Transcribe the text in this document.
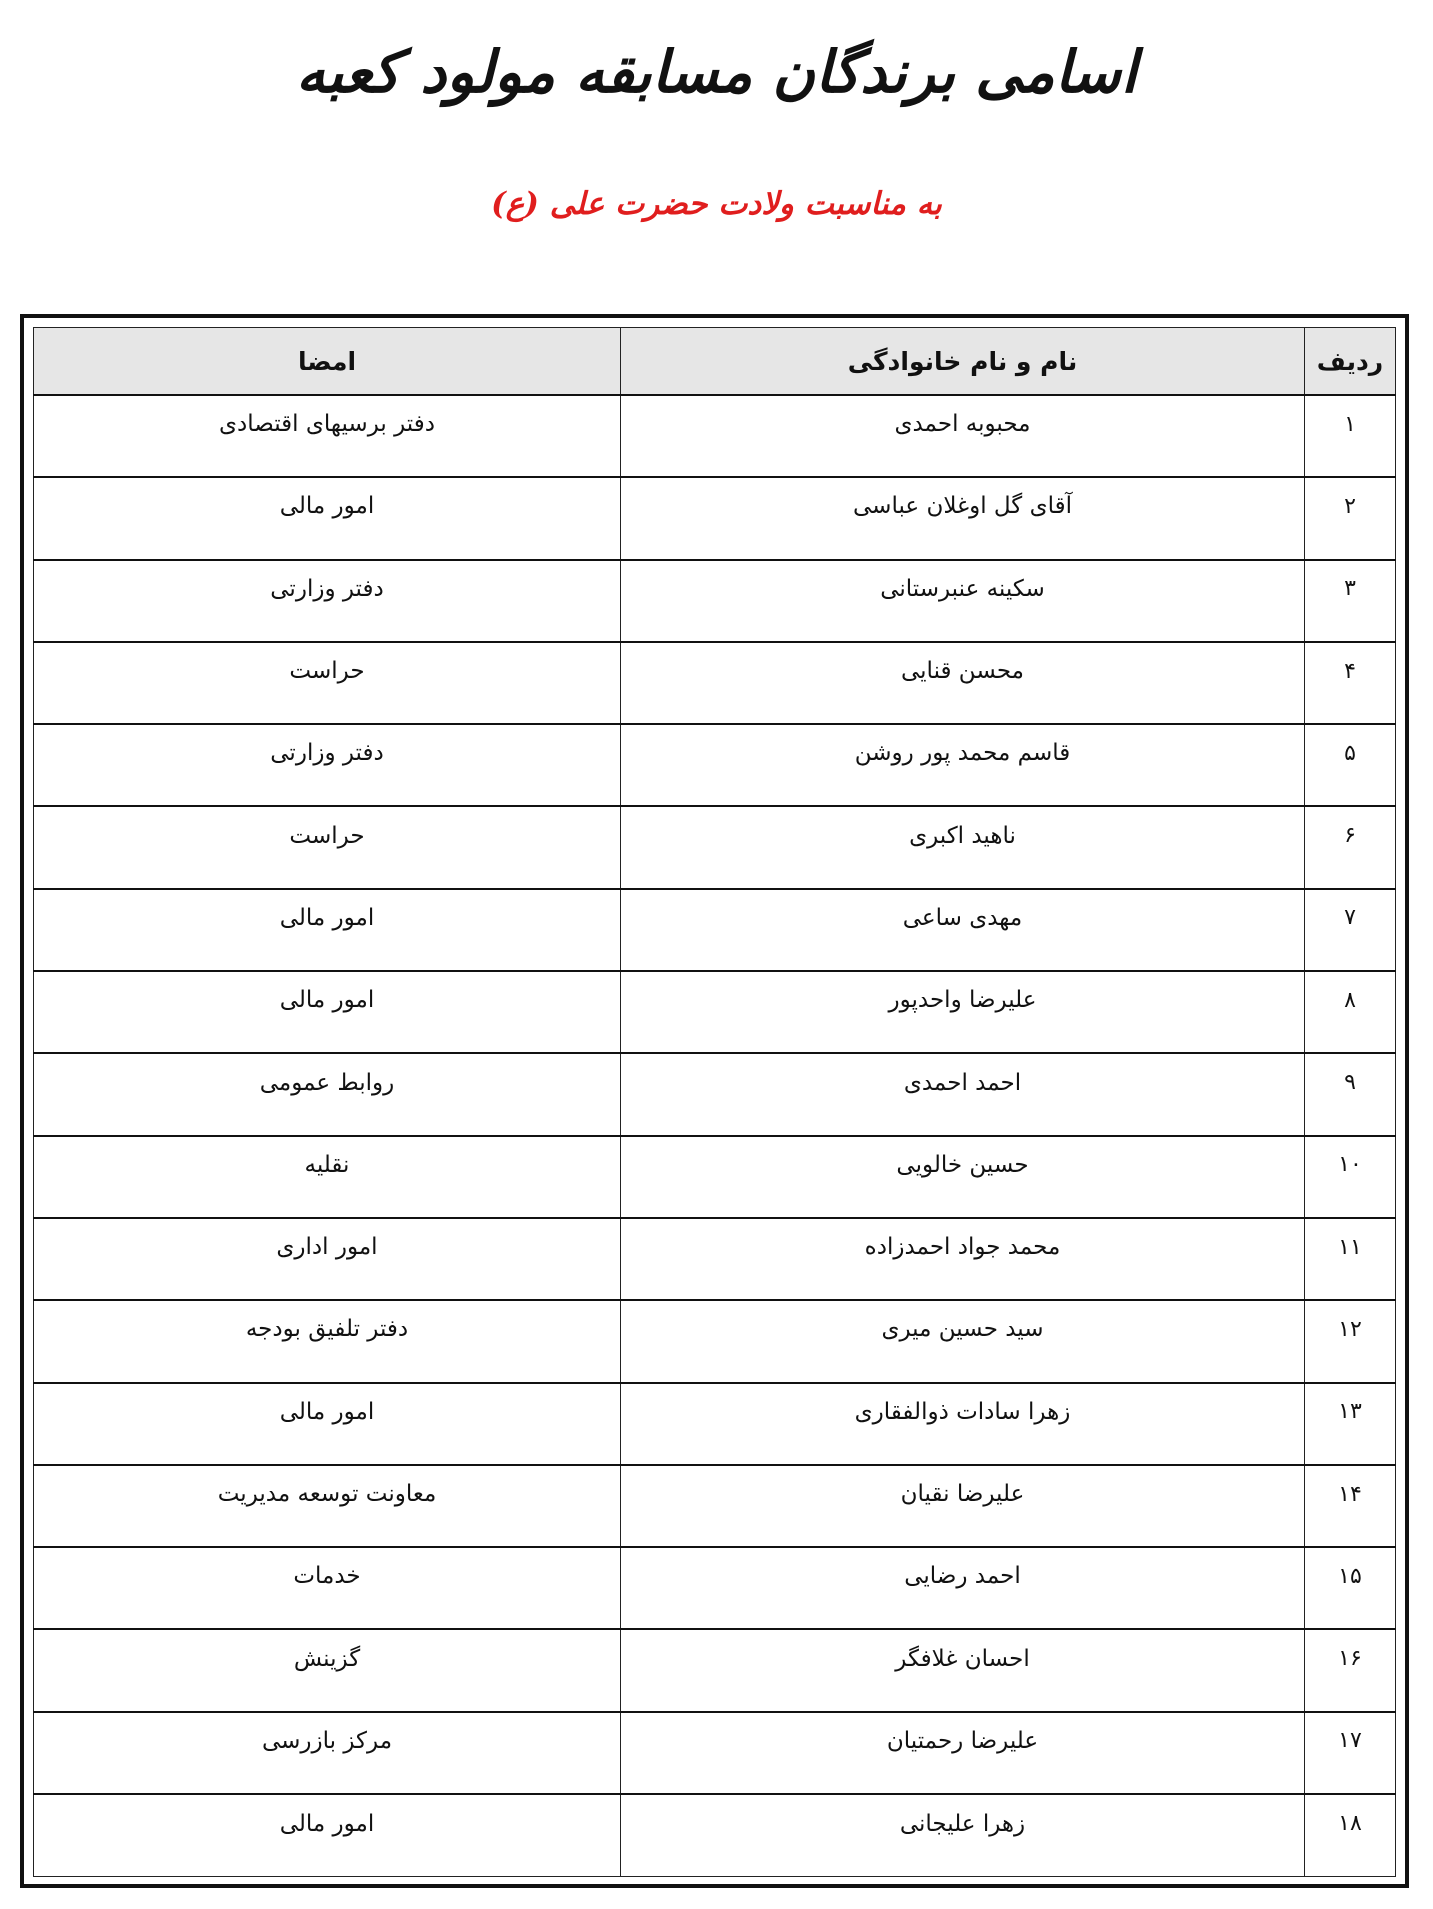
اسامی برندگان مسابقه مولود کعبه
به مناسبت ولادت حضرت علی (ع)
ردیف	نام و نام خانوادگی	امضا
۱	محبوبه احمدی	دفتر برسیهای اقتصادی
۲	آقای گل اوغلان عباسی	امور مالی
۳	سکینه عنبرستانی	دفتر وزارتی
۴	محسن قنایی	حراست
۵	قاسم محمد پور روشن	دفتر وزارتی
۶	ناهید اکبری	حراست
۷	مهدی ساعی	امور مالی
۸	علیرضا واحدپور	امور مالی
۹	احمد احمدی	روابط عمومی
۱۰	حسین خالویی	نقلیه
۱۱	محمد جواد احمدزاده	امور اداری
۱۲	سید حسین میری	دفتر تلفیق بودجه
۱۳	زهرا سادات ذوالفقاری	امور مالی
۱۴	علیرضا نقیان	معاونت توسعه مدیریت
۱۵	احمد رضایی	خدمات
۱۶	احسان غلافگر	گزینش
۱۷	علیرضا رحمتیان	مرکز بازرسی
۱۸	زهرا علیجانی	امور مالی
